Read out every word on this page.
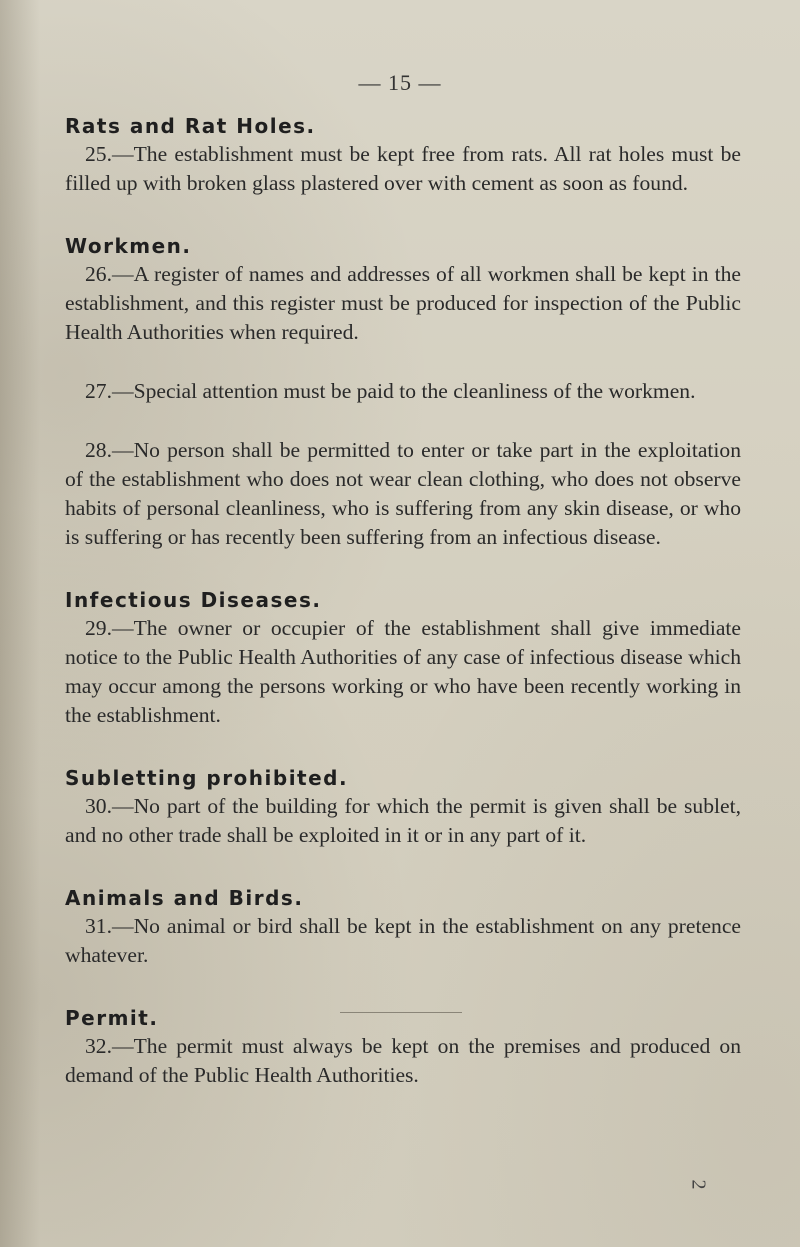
— 15 —

Rats and Rat Holes.

25.—The establishment must be kept free from rats. All rat holes must be filled up with broken glass plastered over with cement as soon as found.

Workmen.

26.—A register of names and addresses of all workmen shall be kept in the establishment, and this register must be produced for inspection of the Public Health Authorities when required.

27.—Special attention must be paid to the cleanliness of the workmen.

28.—No person shall be permitted to enter or take part in the exploitation of the establishment who does not wear clean clothing, who does not observe habits of personal cleanliness, who is suffering from any skin disease, or who is suffering or has recently been suffering from an infectious disease.

Infectious Diseases.

29.—The owner or occupier of the establishment shall give immediate notice to the Public Health Authorities of any case of infectious disease which may occur among the persons working or who have been recently working in the establishment.

Subletting prohibited.

30.—No part of the building for which the permit is given shall be sublet, and no other trade shall be exploited in it or in any part of it.

Animals and Birds.

31.—No animal or bird shall be kept in the establishment on any pretence whatever.

Permit.

32.—The permit must always be kept on the premises and produced on demand of the Public Health Authorities.

2
